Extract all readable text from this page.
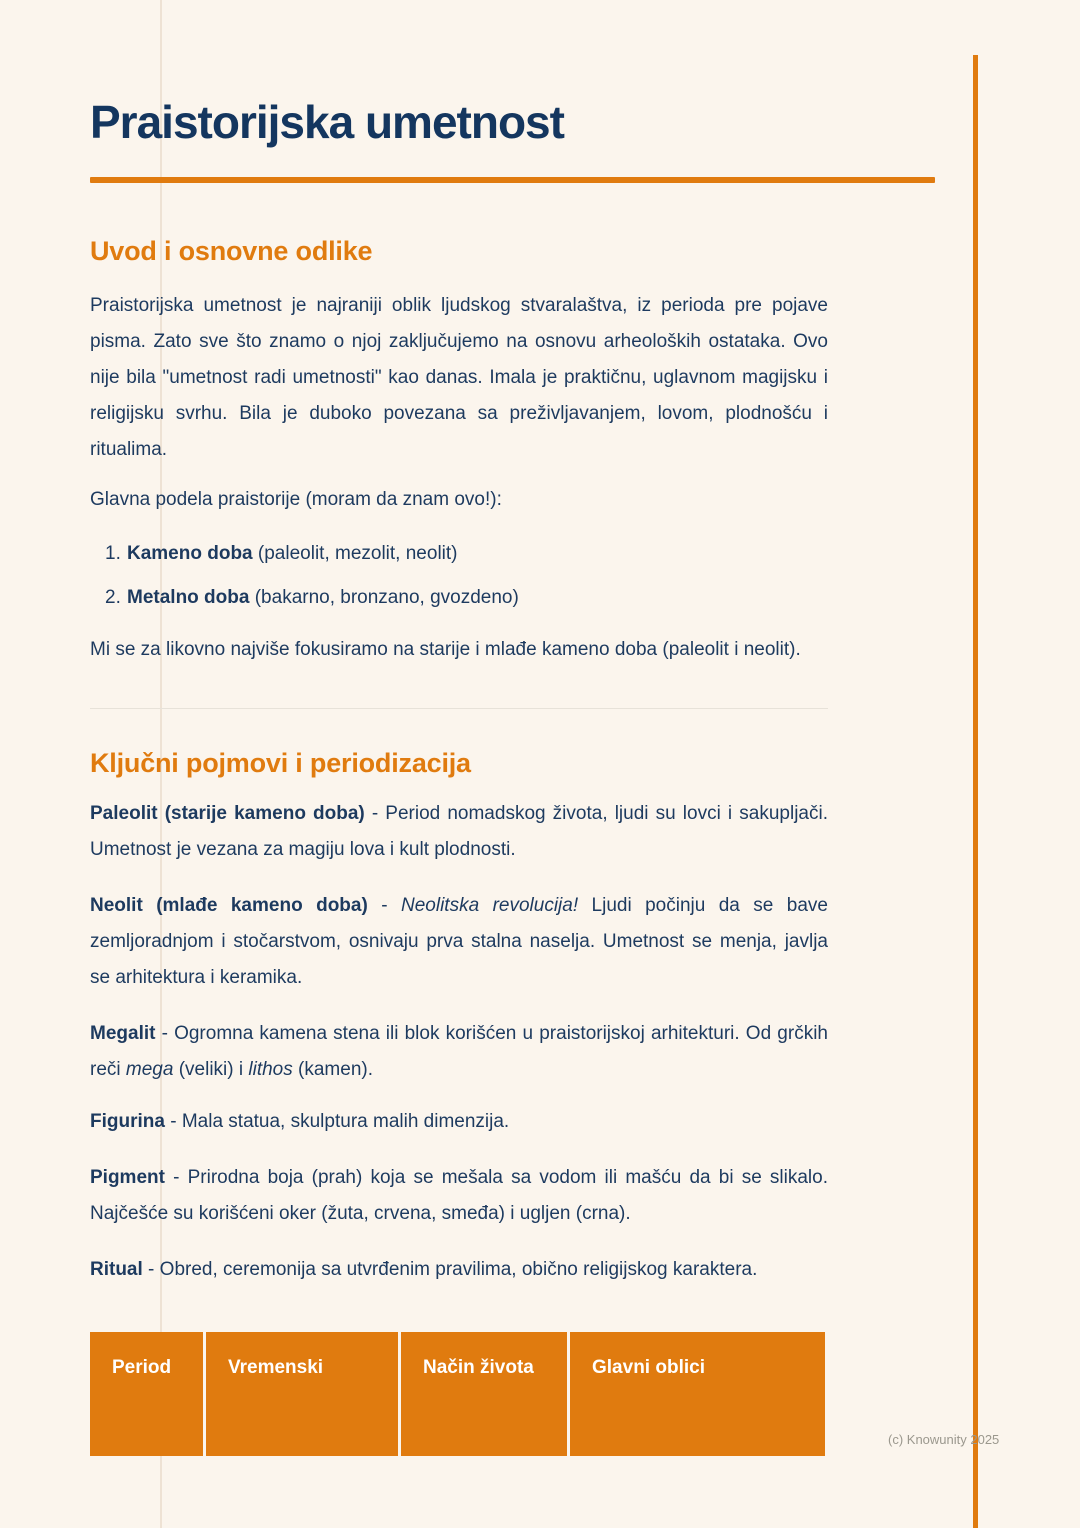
(c) Knowunity 2025
Praistorijska umetnost
Uvod i osnovne odlike

Praistorijska umetnost je najraniji oblik ljudskog stvaralaštva, iz perioda pre pojave pisma. Zato sve što znamo o njoj zaključujemo na osnovu arheoloških ostataka. Ovo nije bila "umetnost radi umetnosti" kao danas. Imala je praktičnu, uglavnom magijsku i religijsku svrhu. Bila je duboko povezana sa preživljavanjem, lovom, plodnošću i ritualima.

Glavna podela praistorije (moram da znam ovo!):

1. Kameno doba (paleolit, mezolit, neolit)
2. Metalno doba (bakarno, bronzano, gvozdeno)

Mi se za likovno najviše fokusiramo na starije i mlađe kameno doba (paleolit i neolit).

Ključni pojmovi i periodizacija

Paleolit (starije kameno doba) - Period nomadskog života, ljudi su lovci i sakupljači. Umetnost je vezana za magiju lova i kult plodnosti.

Neolit (mlađe kameno doba) - Neolitska revolucija! Ljudi počinju da se bave zemljoradnjom i stočarstvom, osnivaju prva stalna naselja. Umetnost se menja, javlja se arhitektura i keramika.

Megalit - Ogromna kamena stena ili blok korišćen u praistorijskoj arhitekturi. Od grčkih reči mega (veliki) i lithos (kamen).

Figurina - Mala statua, skulptura malih dimenzija.

Pigment - Prirodna boja (prah) koja se mešala sa vodom ili mašću da bi se slikalo. Najčešće su korišćeni oker (žuta, crvena, smeđa) i ugljen (crna).

Ritual - Obred, ceremonija sa utvrđenim pravilima, obično religijskog karaktera.

Period	Vremenski	Način života	Glavni oblici
